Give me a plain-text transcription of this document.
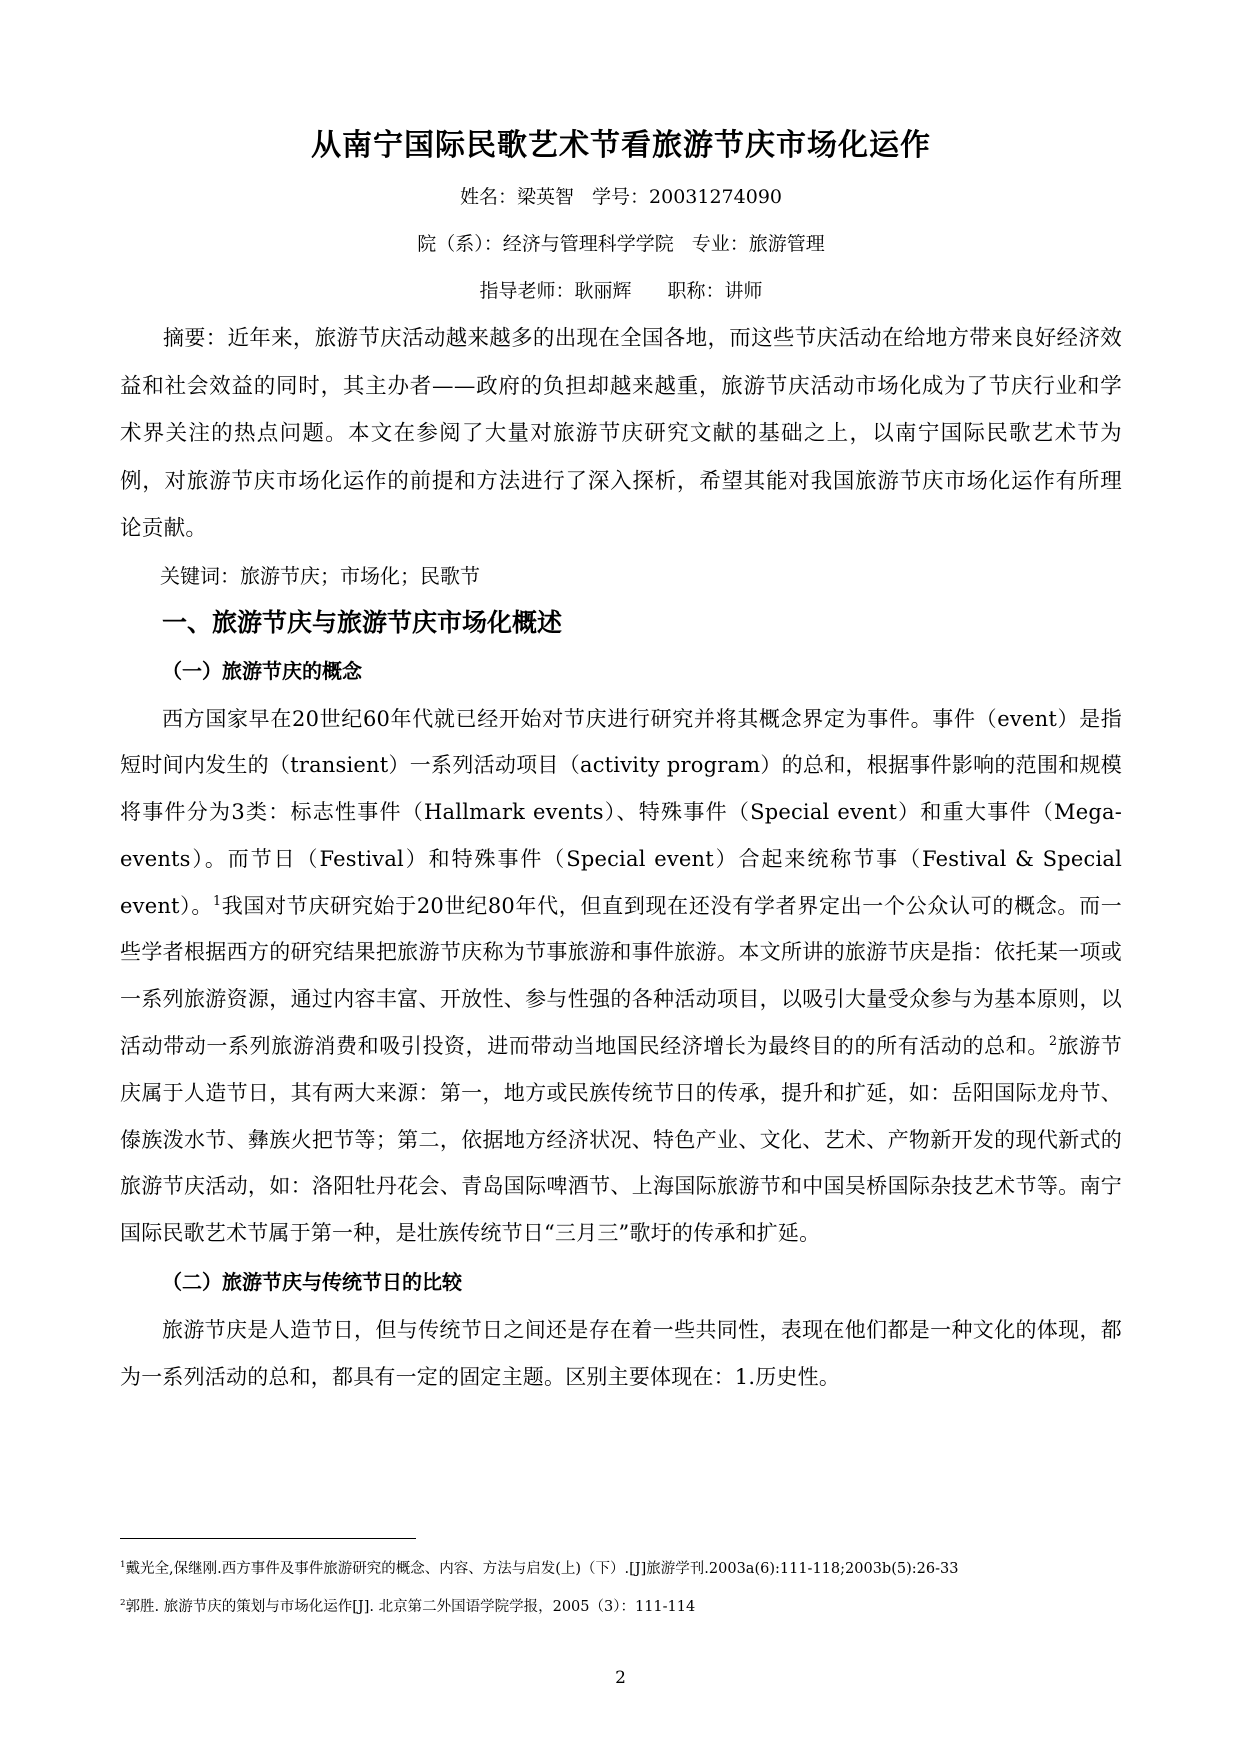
从南宁国际民歌艺术节看旅游节庆市场化运作

姓名：梁英智 学号：20031274090

院（系）：经济与管理科学学院 专业：旅游管理

指导老师：耿丽辉 职称：讲师

摘要：近年来，旅游节庆活动越来越多的出现在全国各地，而这些节庆活动在给地方带来良好经济效益和社会效益的同时，其主办者——政府的负担却越来越重，旅游节庆活动市场化成为了节庆行业和学术界关注的热点问题。本文在参阅了大量对旅游节庆研究文献的基础之上，以南宁国际民歌艺术节为例，对旅游节庆市场化运作的前提和方法进行了深入探析，希望其能对我国旅游节庆市场化运作有所理论贡献。

关键词：旅游节庆；市场化；民歌节

一、旅游节庆与旅游节庆市场化概述
（一）旅游节庆的概念

西方国家早在20世纪60年代就已经开始对节庆进行研究并将其概念界定为事件。事件（event）是指短时间内发生的（transient）一系列活动项目（activity program）的总和，根据事件影响的范围和规模将事件分为3类：标志性事件（Hallmark events）、特殊事件（Special event）和重大事件（Mega- events）。而节日（Festival）和特殊事件（Special event）合起来统称节事（Festival & Special event）。$^1$我国对节庆研究始于20世纪80年代，但直到现在还没有学者界定出一个公众认可的概念。而一些学者根据西方的研究结果把旅游节庆称为节事旅游和事件旅游。本文所讲的旅游节庆是指：依托某一项或一系列旅游资源，通过内容丰富、开放性、参与性强的各种活动项目，以吸引大量受众参与为基本原则，以活动带动一系列旅游消费和吸引投资，进而带动当地国民经济增长为最终目的的所有活动的总和。$^2$旅游节庆属于人造节日，其有两大来源：第一，地方或民族传统节日的传承，提升和扩延，如：岳阳国际龙舟节、傣族泼水节、彝族火把节等；第二，依据地方经济状况、特色产业、文化、艺术、产物新开发的现代新式的旅游节庆活动，如：洛阳牡丹花会、青岛国际啤酒节、上海国际旅游节和中国吴桥国际杂技艺术节等。南宁国际民歌艺术节属于第一种，是壮族传统节日“三月三”歌圩的传承和扩延。

（二）旅游节庆与传统节日的比较

旅游节庆是人造节日，但与传统节日之间还是存在着一些共同性，表现在他们都是一种文化的体现，都为一系列活动的总和，都具有一定的固定主题。区别主要体现在：1.历史性。

$^1$戴光全,保继刚.西方事件及事件旅游研究的概念、内容、方法与启发(上)（下）.[J]旅游学刊.2003a(6):111-118;2003b(5):26-33

$^2$郭胜. 旅游节庆的策划与市场化运作[J]. 北京第二外国语学院学报，2005（3）：111-114

2
